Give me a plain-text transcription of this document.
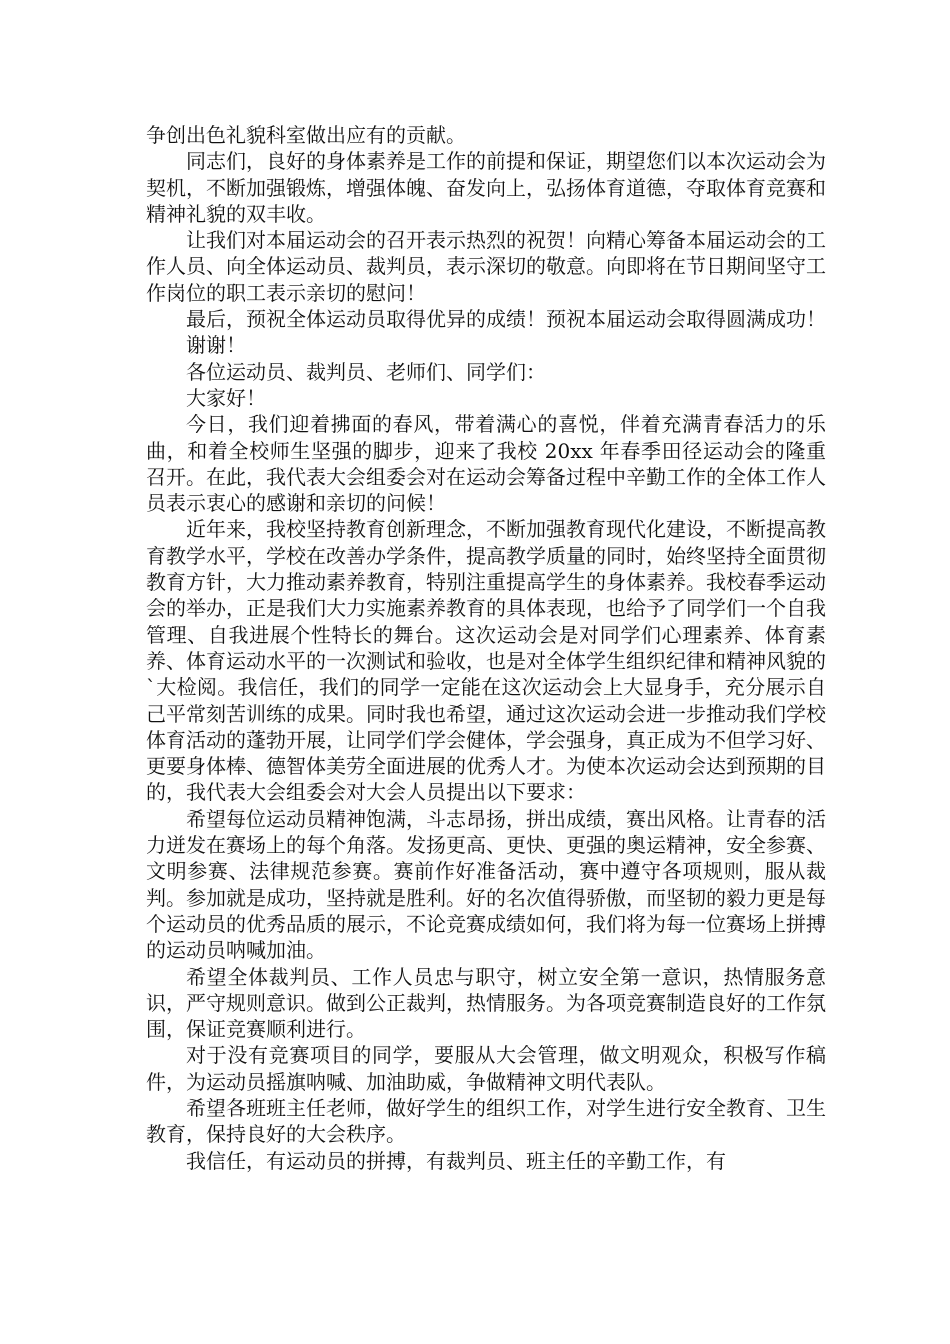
争创出色礼貌科室做出应有的贡献。

同志们，良好的身体素养是工作的前提和保证，期望您们以本次运动会为契机，不断加强锻炼，增强体魄、奋发向上，弘扬体育道德，夺取体育竞赛和精神礼貌的双丰收。

让我们对本届运动会的召开表示热烈的祝贺！向精心筹备本届运动会的工作人员、向全体运动员、裁判员，表示深切的敬意。向即将在节日期间坚守工作岗位的职工表示亲切的慰问！

最后，预祝全体运动员取得优异的成绩！预祝本届运动会取得圆满成功！

谢谢！

各位运动员、裁判员、老师们、同学们：

大家好！

今日，我们迎着拂面的春风，带着满心的喜悦，伴着充满青春活力的乐曲，和着全校师生坚强的脚步，迎来了我校 20xx 年春季田径运动会的隆重召开。在此，我代表大会组委会对在运动会筹备过程中辛勤工作的全体工作人员表示衷心的感谢和亲切的问候！

近年来，我校坚持教育创新理念，不断加强教育现代化建设，不断提高教育教学水平，学校在改善办学条件，提高教学质量的同时，始终坚持全面贯彻教育方针，大力推动素养教育，特别注重提高学生的身体素养。我校春季运动会的举办，正是我们大力实施素养教育的具体表现，也给予了同学们一个自我管理、自我进展个性特长的舞台。这次运动会是对同学们心理素养、体育素养、体育运动水平的一次测试和验收，也是对全体学生组织纪律和精神风貌的`大检阅。我信任，我们的同学一定能在这次运动会上大显身手，充分展示自己平常刻苦训练的成果。同时我也希望，通过这次运动会进一步推动我们学校体育活动的蓬勃开展，让同学们学会健体，学会强身，真正成为不但学习好、更要身体棒、德智体美劳全面进展的优秀人才。为使本次运动会达到预期的目的，我代表大会组委会对大会人员提出以下要求：

希望每位运动员精神饱满，斗志昂扬，拼出成绩，赛出风格。让青春的活力迸发在赛场上的每个角落。发扬更高、更快、更强的奥运精神，安全参赛、文明参赛、法律规范参赛。赛前作好准备活动，赛中遵守各项规则，服从裁判。参加就是成功，坚持就是胜利。好的名次值得骄傲，而坚韧的毅力更是每个运动员的优秀品质的展示，不论竞赛成绩如何，我们将为每一位赛场上拼搏的运动员呐喊加油。

希望全体裁判员、工作人员忠与职守，树立安全第一意识，热情服务意识，严守规则意识。做到公正裁判，热情服务。为各项竞赛制造良好的工作氛围，保证竞赛顺利进行。

对于没有竞赛项目的同学，要服从大会管理，做文明观众，积极写作稿件，为运动员摇旗呐喊、加油助威，争做精神文明代表队。

希望各班班主任老师，做好学生的组织工作，对学生进行安全教育、卫生教育，保持良好的大会秩序。

我信任，有运动员的拼搏，有裁判员、班主任的辛勤工作，有
